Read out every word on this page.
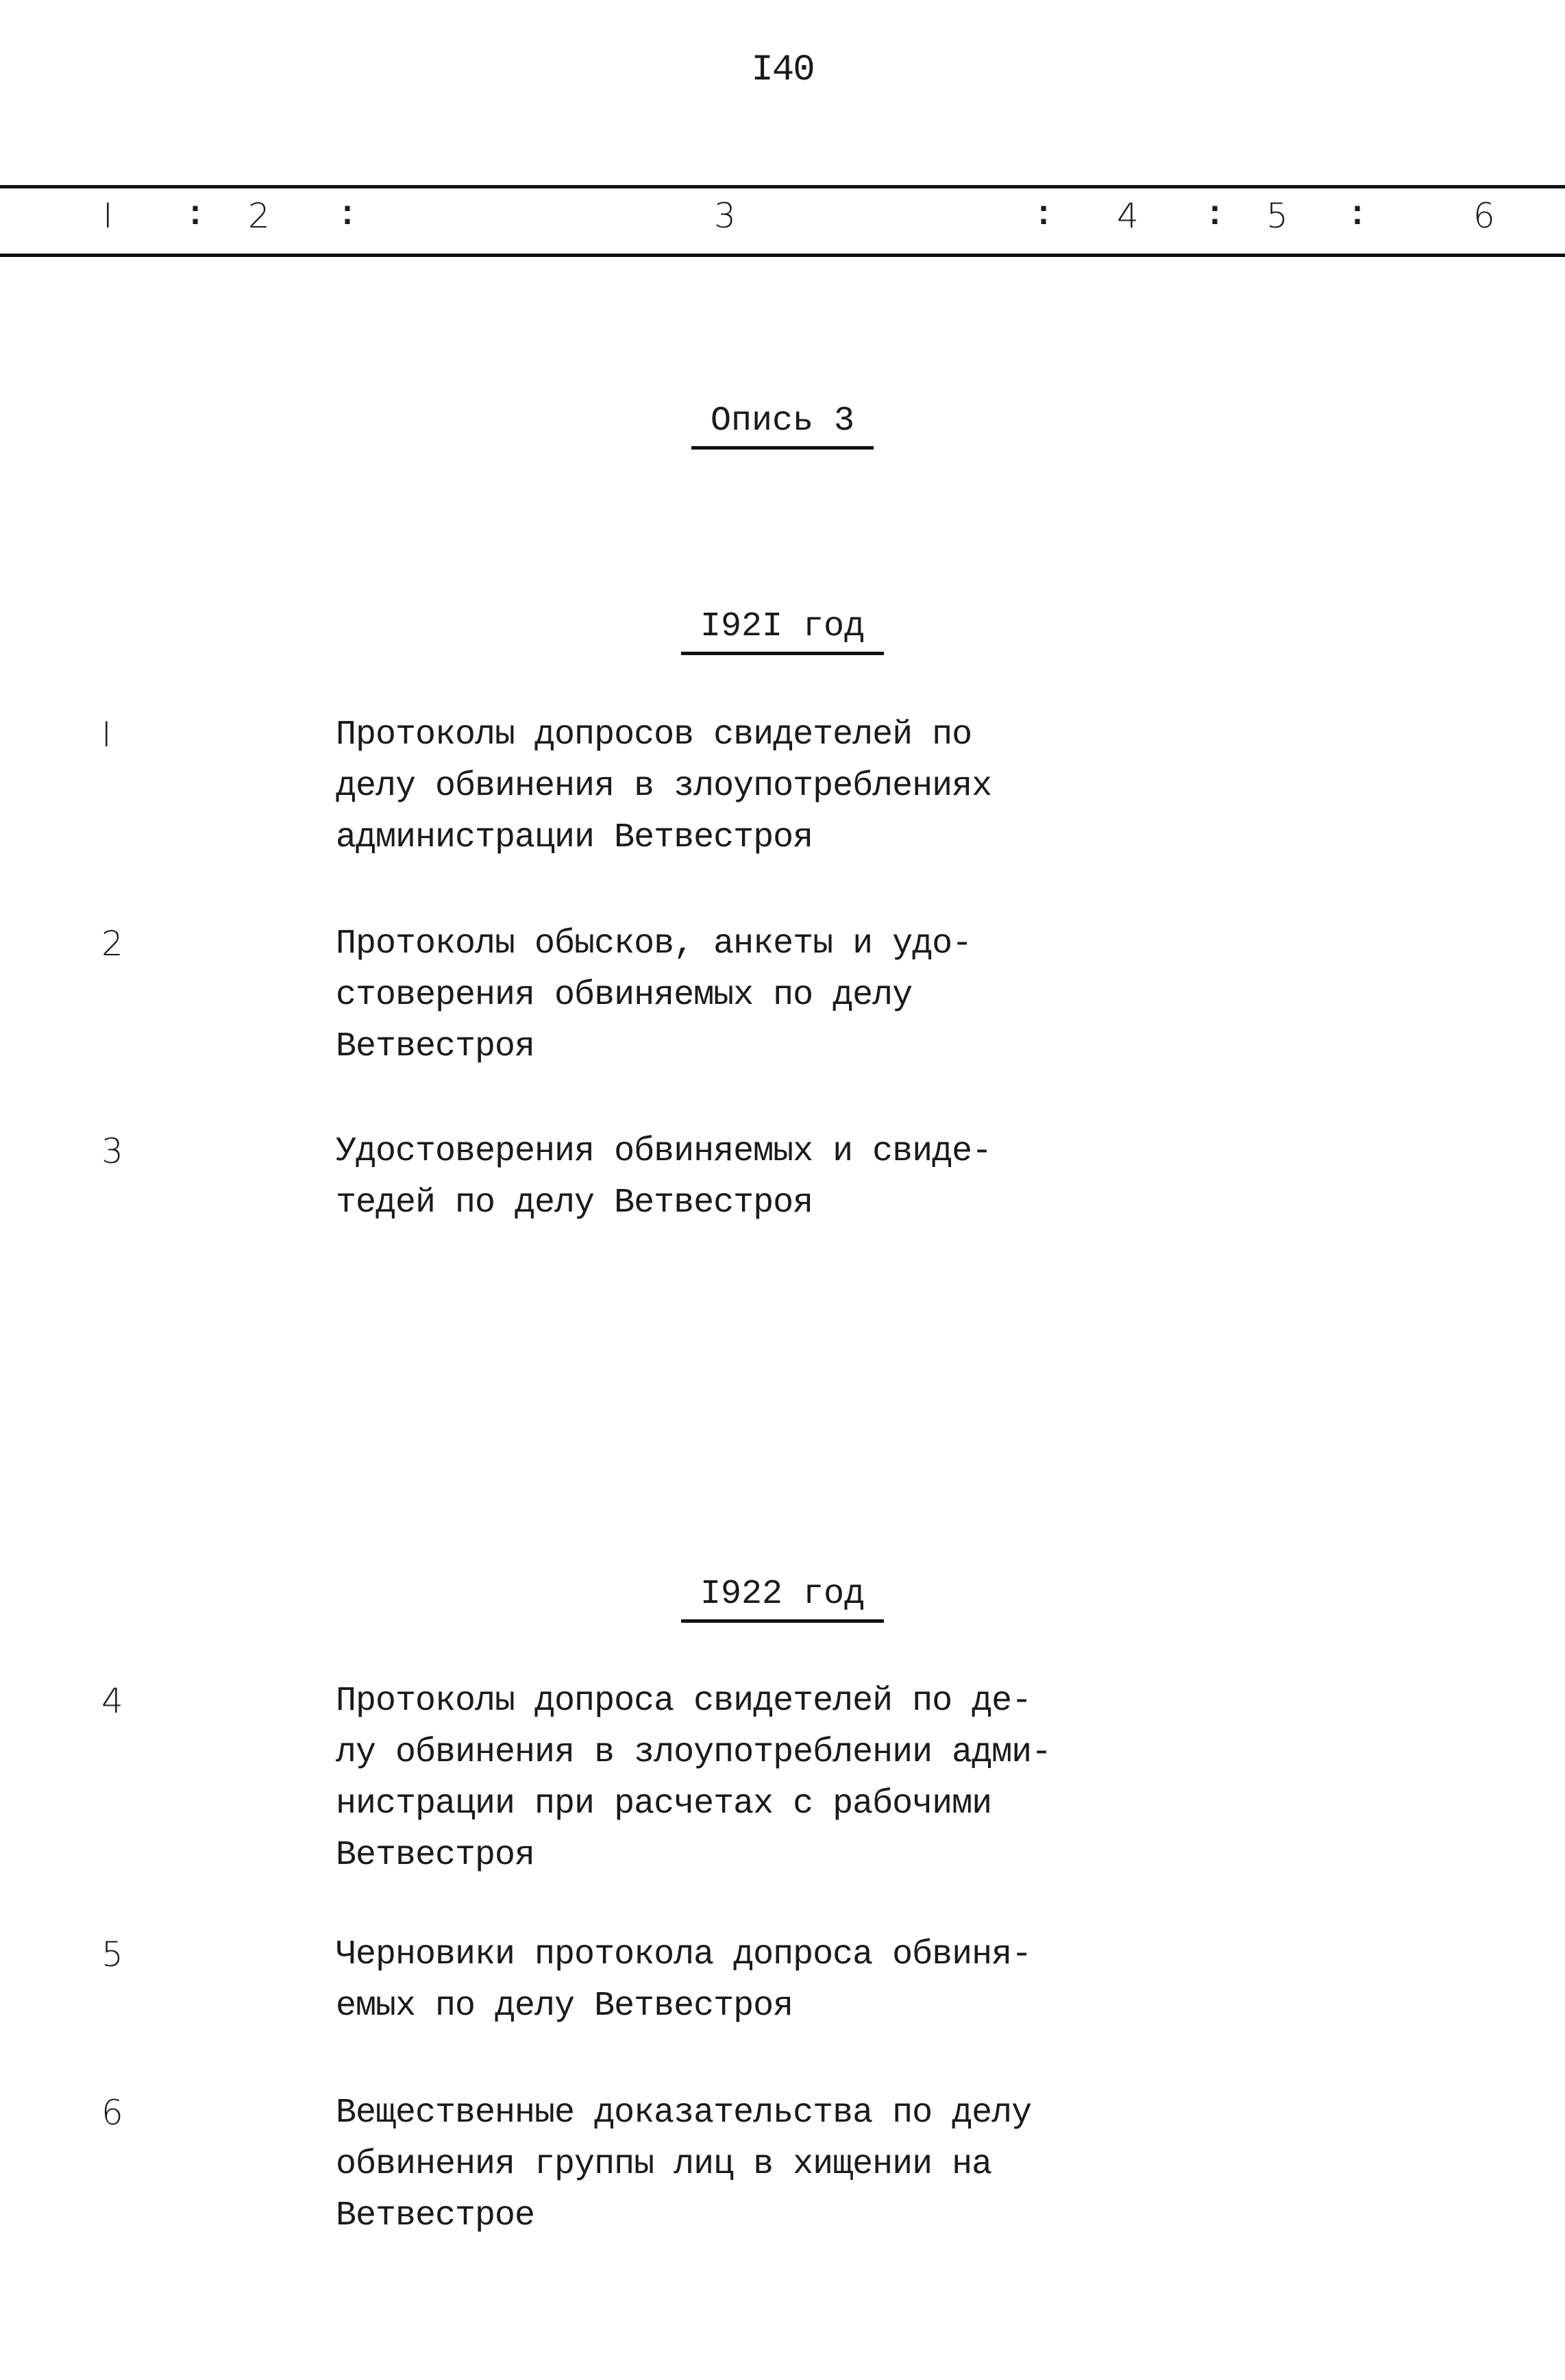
I40
I : 2 :	3	: 4 : 5 :	6
Опись 3
I92I год
I	Протоколы допросов свидетелей по
делу обвинения в злоупотреблениях
администрации Ветвестроя
2	Протоколы обысков, анкеты и удо-
стоверения обвиняемых по делу
Ветвестроя
3	Удостоверения обвиняемых и свиде-
тедей по делу Ветвестроя
I922 год
4	Протоколы допроса свидетелей по де-
лу обвинения в злоупотреблении адми-
нистрации при расчетах с рабочими
Ветвестроя
5	Черновики протокола допроса обвиня-
емых по делу Ветвестроя
6	Вещественные доказательства по делу
обвинения группы лиц в хищении на
Ветвестрое
